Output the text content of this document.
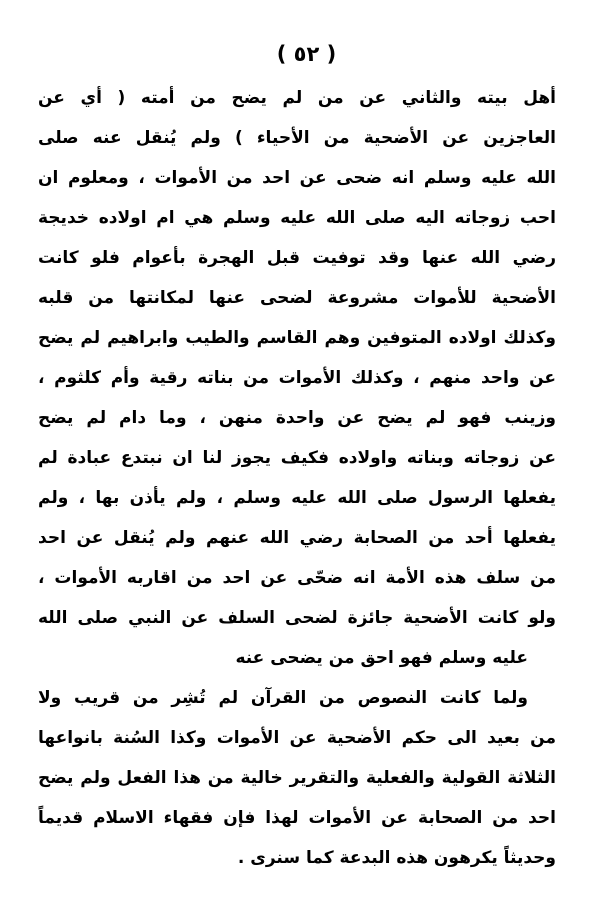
( ٥٢ )
أهل بيته والثاني عن من لم يضح من أمته ( أي عن
العاجزين عن الأضحية من الأحياء ) ولم يُنقل عنه صلى
الله عليه وسلم انه ضحى عن احد من الأموات ، ومعلوم ان
احب زوجاته اليه صلى الله عليه وسلم هي ام اولاده خديجة
رضي الله عنها وقد توفيت قبل الهجرة بأعوام فلو كانت
الأضحية للأموات مشروعة لضحى عنها لمكانتها من قلبه
وكذلك اولاده المتوفين وهم القاسم والطيب وابراهيم لم يضح
عن واحد منهم ، وكذلك الأموات من بناته رقية وأم كلثوم ،
وزينب فهو لم يضح عن واحدة منهن ، وما دام لم يضح
عن زوجاته وبناته واولاده فكيف يجوز لنا ان نبتدع عبادة لم
يفعلها الرسول صلى الله عليه وسلم ، ولم يأذن بها ، ولم
يفعلها أحد من الصحابة رضي الله عنهم ولم يُنقل عن احد
من سلف هذه الأمة انه ضحّى عن احد من اقاربه الأموات ،
ولو كانت الأضحية جائزة لضحى السلف عن النبي صلى الله
عليه وسلم فهو احق من يضحى عنه
ولما كانت النصوص من القرآن لم تُشِر من قريب ولا
من بعيد الى حكم الأضحية عن الأموات وكذا السُنة بانواعها
الثلاثة القولية والفعلية والتقرير خالية من هذا الفعل ولم يضح
احد من الصحابة عن الأموات لهذا فإن فقهاء الاسلام قديماً
وحديثاً يكرهون هذه البدعة كما سنرى .
